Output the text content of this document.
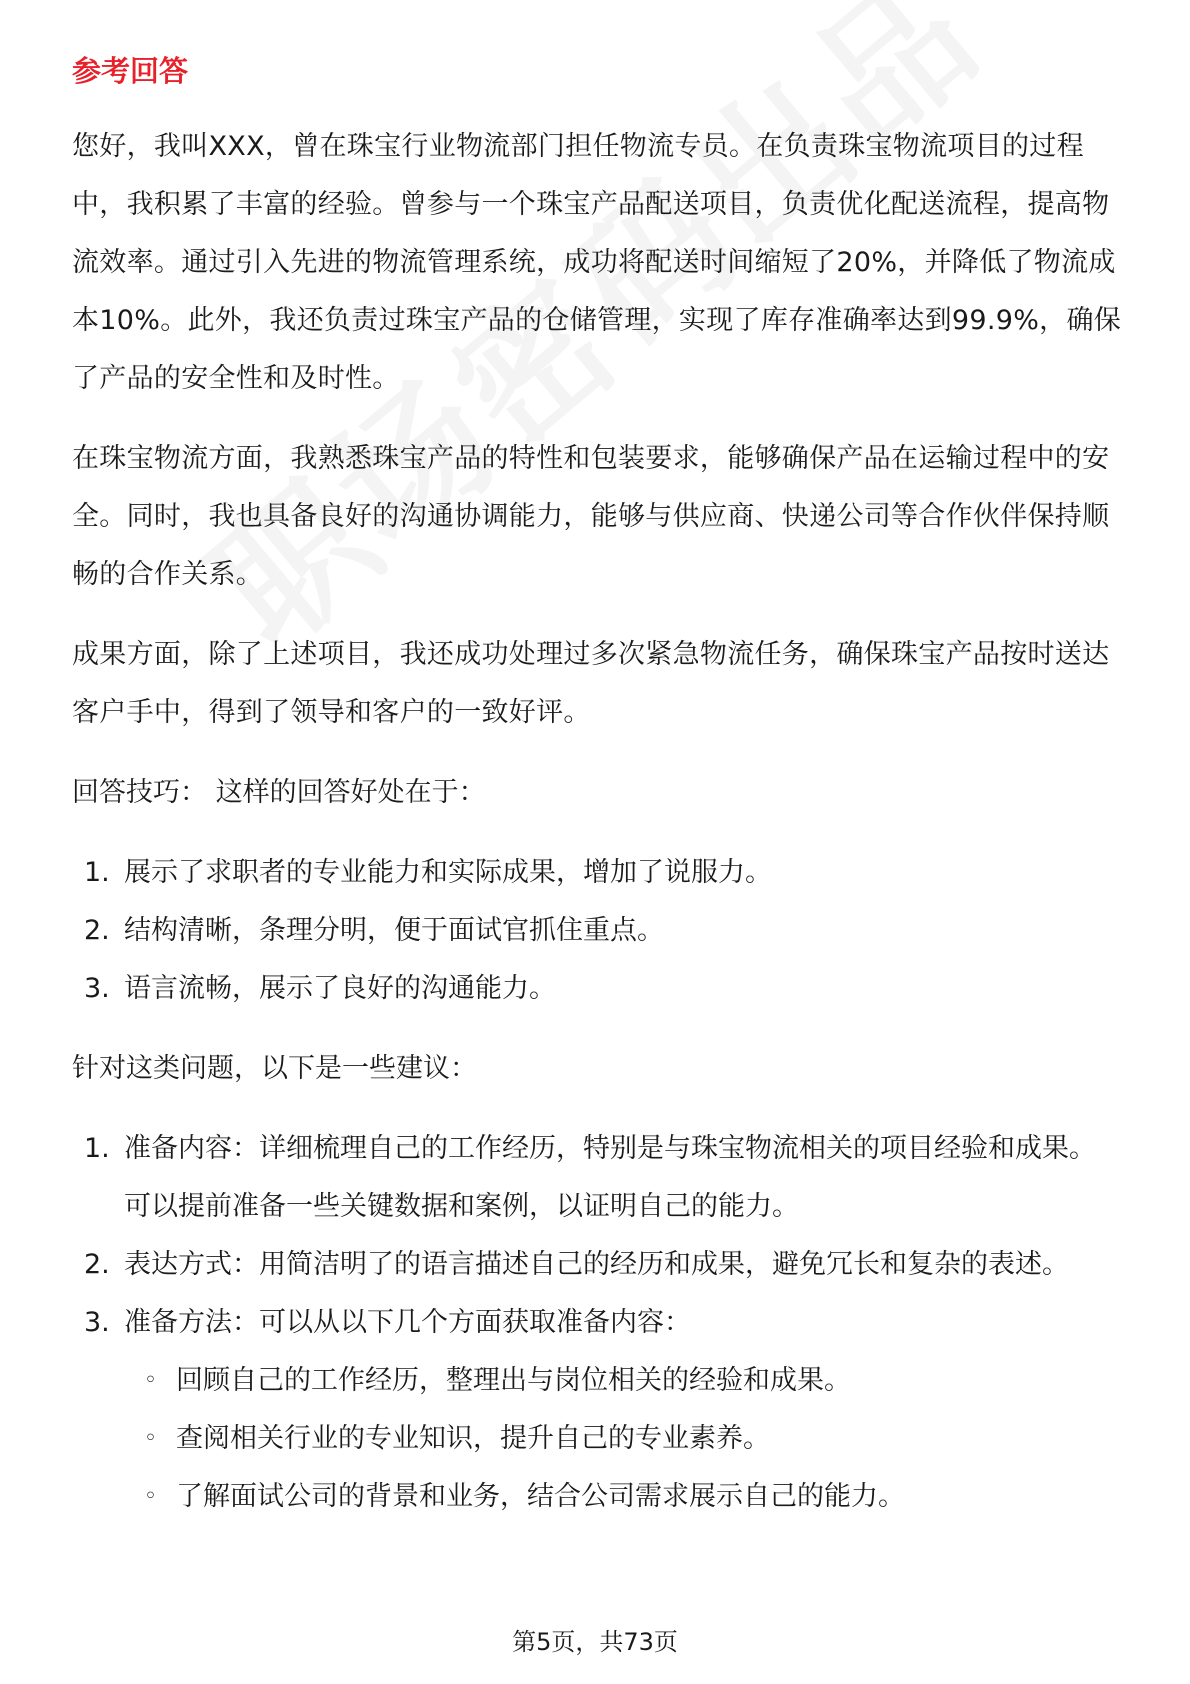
参考回答

您好，我叫XXX，曾在珠宝行业物流部门担任物流专员。在负责珠宝物流项目的过程中，我积累了丰富的经验。曾参与一个珠宝产品配送项目，负责优化配送流程，提高物流效率。通过引入先进的物流管理系统，成功将配送时间缩短了20%，并降低了物流成本10%。此外，我还负责过珠宝产品的仓储管理，实现了库存准确率达到99.9%，确保了产品的安全性和及时性。

在珠宝物流方面，我熟悉珠宝产品的特性和包装要求，能够确保产品在运输过程中的安全。同时，我也具备良好的沟通协调能力，能够与供应商、快递公司等合作伙伴保持顺畅的合作关系。

成果方面，除了上述项目，我还成功处理过多次紧急物流任务，确保珠宝产品按时送达客户手中，得到了领导和客户的一致好评。

回答技巧： 这样的回答好处在于：
1. 展示了求职者的专业能力和实际成果，增加了说服力。
2. 结构清晰，条理分明，便于面试官抓住重点。
3. 语言流畅，展示了良好的沟通能力。
针对这类问题，以下是一些建议：
1. 准备内容：详细梳理自己的工作经历，特别是与珠宝物流相关的项目经验和成果。可以提前准备一些关键数据和案例，以证明自己的能力。
2. 表达方式：用简洁明了的语言描述自己的经历和成果，避免冗长和复杂的表述。
3. 准备方法：可以从以下几个方面获取准备内容：
◦ 回顾自己的工作经历，整理出与岗位相关的经验和成果。
◦ 查阅相关行业的专业知识，提升自己的专业素养。
◦ 了解面试公司的背景和业务，结合公司需求展示自己的能力。
第5页，共73页
